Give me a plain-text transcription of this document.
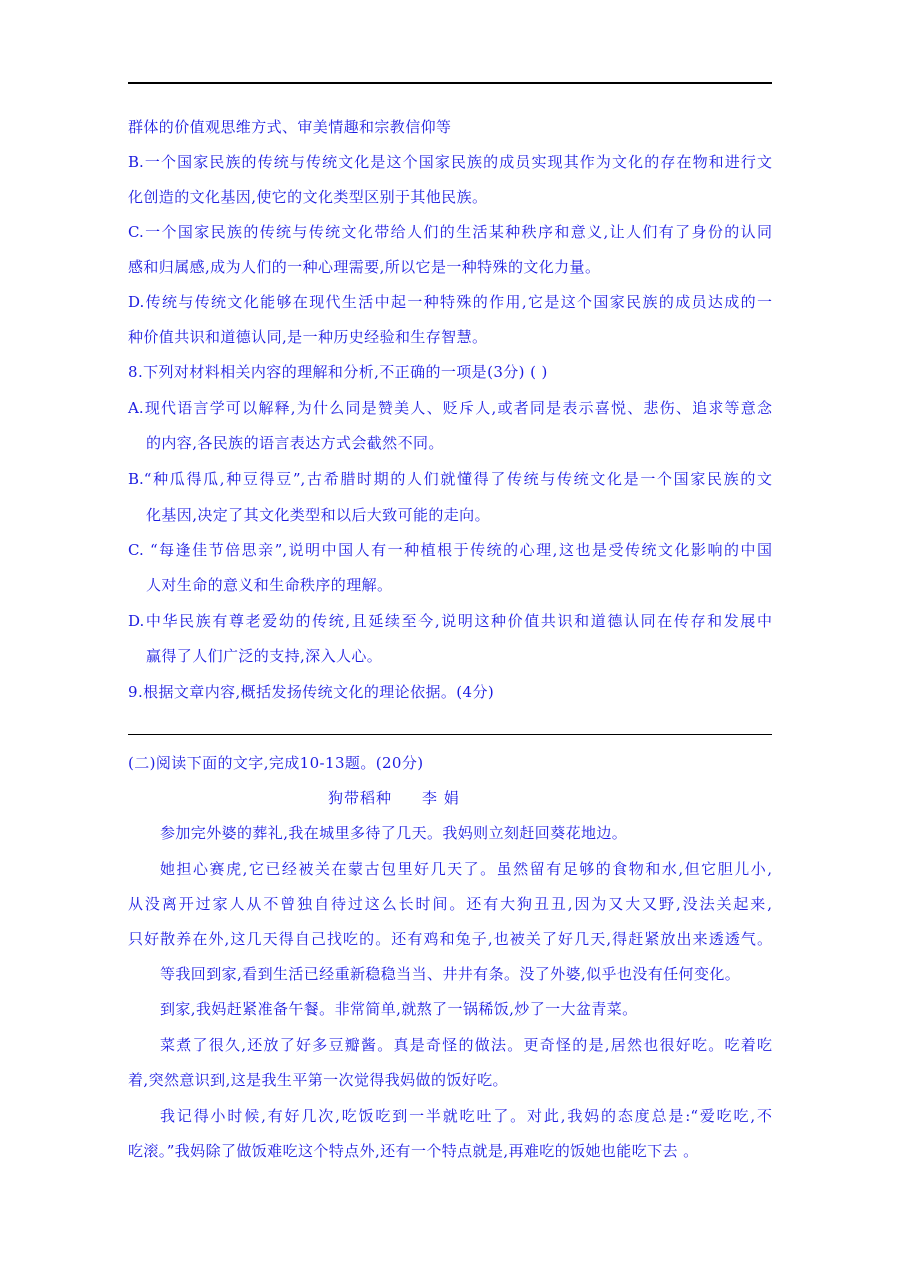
群体的价值观思维方式、审美情趣和宗教信仰等
B.一个国家民族的传统与传统文化是这个国家民族的成员实现其作为文化的存在物和进行文
化创造的文化基因,使它的文化类型区别于其他民族。
C.一个国家民族的传统与传统文化带给人们的生活某种秩序和意义,让人们有了身份的认同
感和归属感,成为人们的一种心理需要,所以它是一种特殊的文化力量。
D.传统与传统文化能够在现代生活中起一种特殊的作用,它是这个国家民族的成员达成的一
种价值共识和道德认同,是一种历史经验和生存智慧。
8.下列对材料相关内容的理解和分析,不正确的一项是(3分) ( )
A.现代语言学可以解释,为什么同是赞美人、贬斥人,或者同是表示喜悦、悲伤、追求等意念
的内容,各民族的语言表达方式会截然不同。
B.“种瓜得瓜,种豆得豆”,古希腊时期的人们就懂得了传统与传统文化是一个国家民族的文
化基因,决定了其文化类型和以后大致可能的走向。
C. “每逢佳节倍思亲”,说明中国人有一种植根于传统的心理,这也是受传统文化影响的中国
人对生命的意义和生命秩序的理解。
D.中华民族有尊老爱幼的传统,且延续至今,说明这种价值共识和道德认同在传存和发展中
赢得了人们广泛的支持,深入人心。
9.根据文章内容,概括发扬传统文化的理论依据。(4分)
(二)阅读下面的文字,完成10-13题。(20分)
狗带稻种 李 娟
参加完外婆的葬礼,我在城里多待了几天。我妈则立刻赶回葵花地边。
她担心赛虎,它已经被关在蒙古包里好几天了。虽然留有足够的食物和水,但它胆儿小,
从没离开过家人从不曾独自待过这么长时间。还有大狗丑丑,因为又大又野,没法关起来,
只好散养在外,这几天得自己找吃的。还有鸡和兔子,也被关了好几天,得赶紧放出来透透气。
等我回到家,看到生活已经重新稳稳当当、井井有条。没了外婆,似乎也没有任何变化。
到家,我妈赶紧准备午餐。非常简单,就熬了一锅稀饭,炒了一大盆青菜。
菜煮了很久,还放了好多豆瓣酱。真是奇怪的做法。更奇怪的是,居然也很好吃。吃着吃
着,突然意识到,这是我生平第一次觉得我妈做的饭好吃。
我记得小时候,有好几次,吃饭吃到一半就吃吐了。对此,我妈的态度总是:“爱吃吃,不
吃滚。”我妈除了做饭难吃这个特点外,还有一个特点就是,再难吃的饭她也能吃下去 。
